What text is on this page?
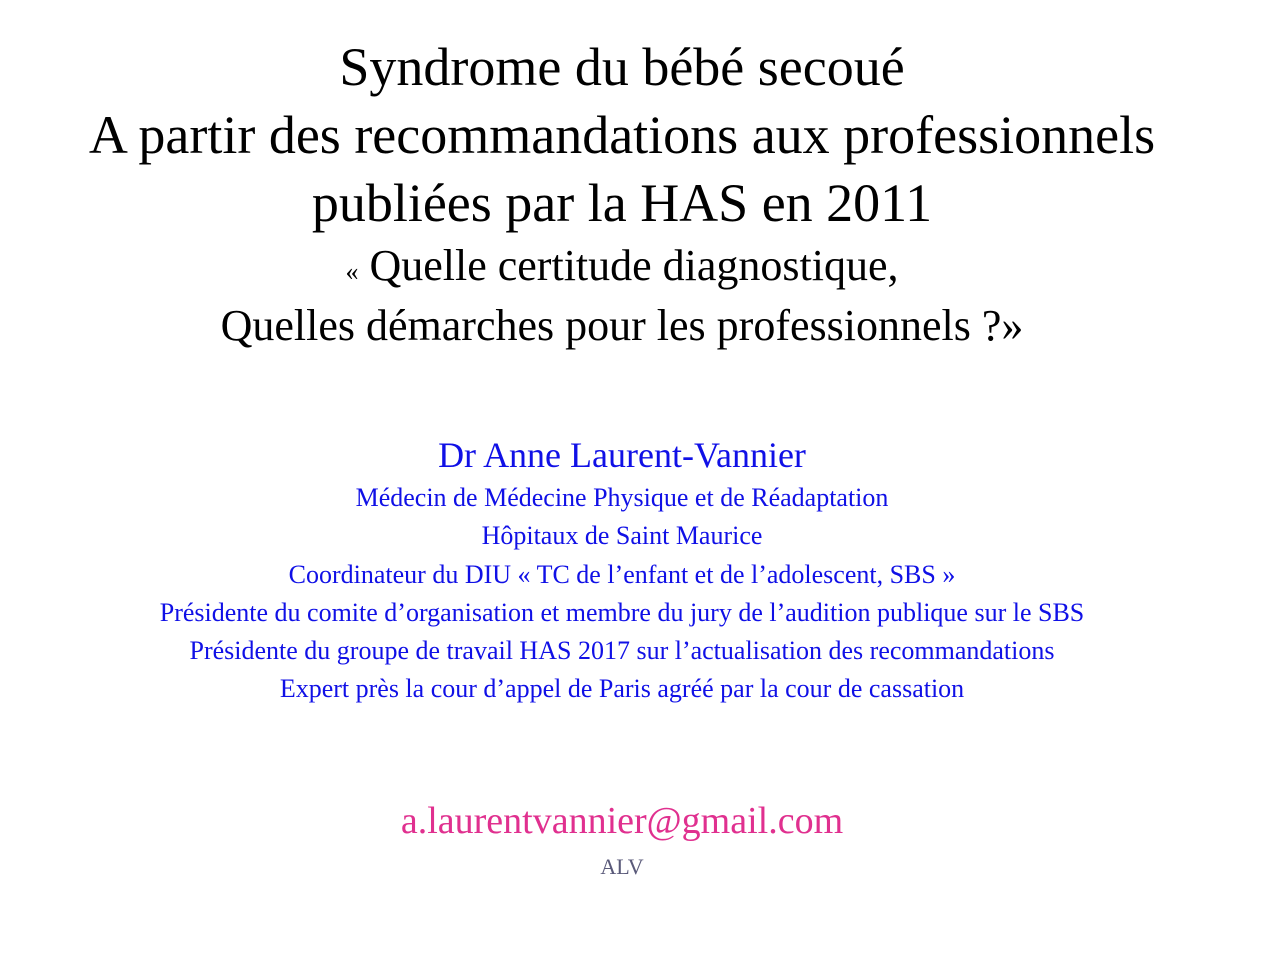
Syndrome du bébé secoué
A partir des recommandations aux professionnels
publiées par la HAS en 2011
« Quelle certitude diagnostique,
Quelles démarches pour les professionnels ?»
Dr Anne Laurent-Vannier
Médecin de Médecine Physique et de Réadaptation
Hôpitaux de Saint Maurice
Coordinateur du DIU « TC de l’enfant et de l’adolescent, SBS »
Présidente du comite d’organisation et membre du jury de l’audition publique sur le SBS
Présidente du groupe de travail HAS 2017 sur l’actualisation des recommandations
Expert près la cour d’appel de Paris agréé par la cour de cassation
a.laurentvannier@gmail.com
ALV
